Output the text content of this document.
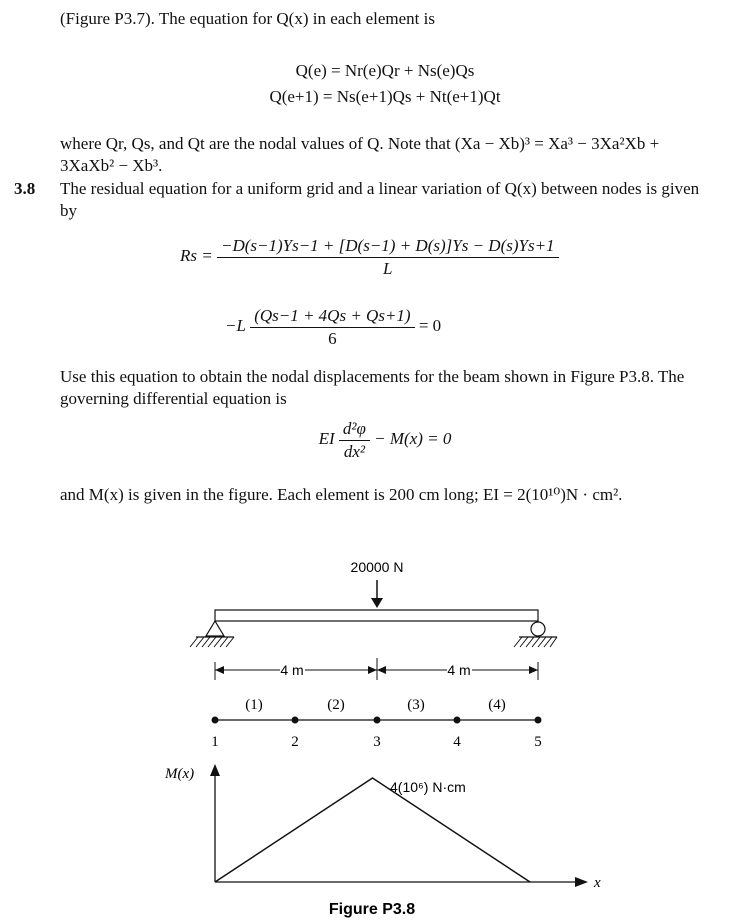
(Figure P3.7). The equation for Q(x) in each element is
Q(e) = Nr(e)Qr + Ns(e)Qs
Q(e+1) = Ns(e+1)Qs + Nt(e+1)Qt
where Qr, Qs, and Qt are the nodal values of Q. Note that (Xa − Xb)³ = Xa³ − 3Xa²Xb + 3XaXb² − Xb³.
3.8 The residual equation for a uniform grid and a linear variation of Q(x) between nodes is given by
$Rs = \frac{-D(s-1)Ys-1 + [D(s-1) + D(s)]Ys - D(s)Ys+1}{L}$
$-L \frac{(Qs-1 + 4Qs + Qs+1)}{6} = 0$
Use this equation to obtain the nodal displacements for the beam shown in Figure P3.8. The governing differential equation is
EI $\frac{\text{d²φ}}{\text{dx²}} - M(x) = 0$
and M(x) is given in the figure. Each element is 200 cm long; EI = 2(10¹⁰)N · cm².
20000 N
4 m	4 m
(1)	(2)	(3)	(4)
1	2	3	4	5
M(x)
x
4(10⁶) N·cm
Figure P3.8
